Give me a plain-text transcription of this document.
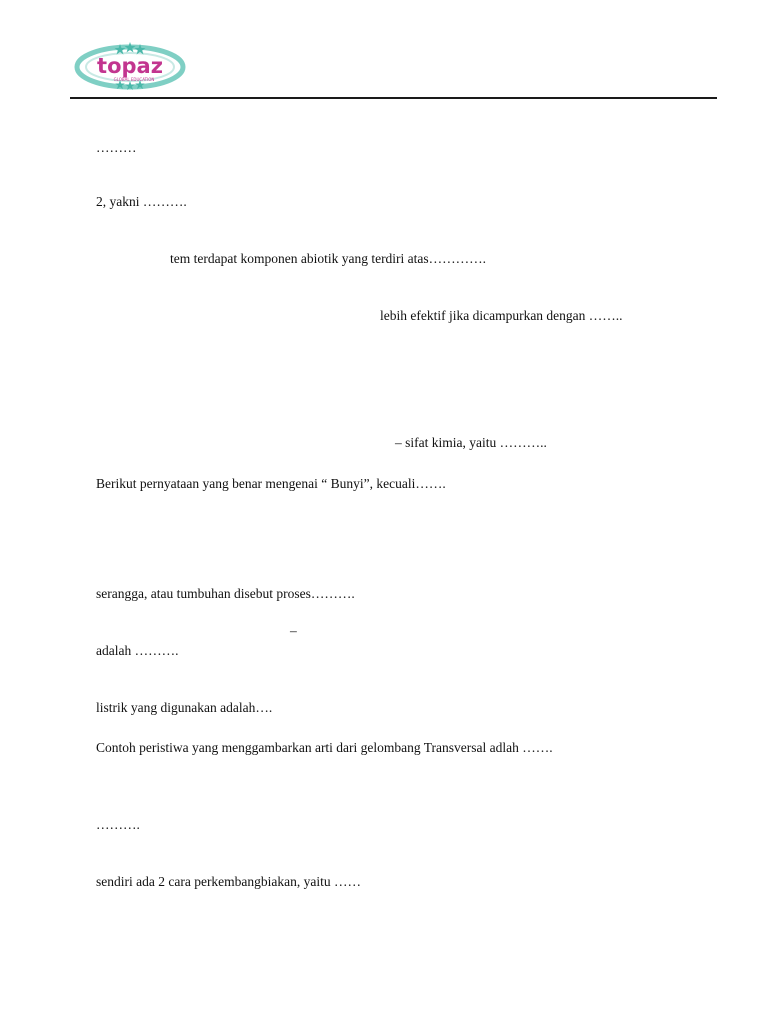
topaz
GLOBAL EDUCATION
………
2, yakni ……….
tem terdapat komponen abiotik yang terdiri atas………….
lebih efektif jika dicampurkan dengan ……..
– sifat kimia, yaitu ………..
Berikut pernyataan yang benar mengenai “ Bunyi”, kecuali…….
serangga, atau tumbuhan disebut proses……….
–
adalah ……….
listrik yang digunakan adalah….
Contoh peristiwa yang menggambarkan arti dari gelombang Transversal adlah …….
……….
sendiri ada 2 cara perkembangbiakan, yaitu ……
